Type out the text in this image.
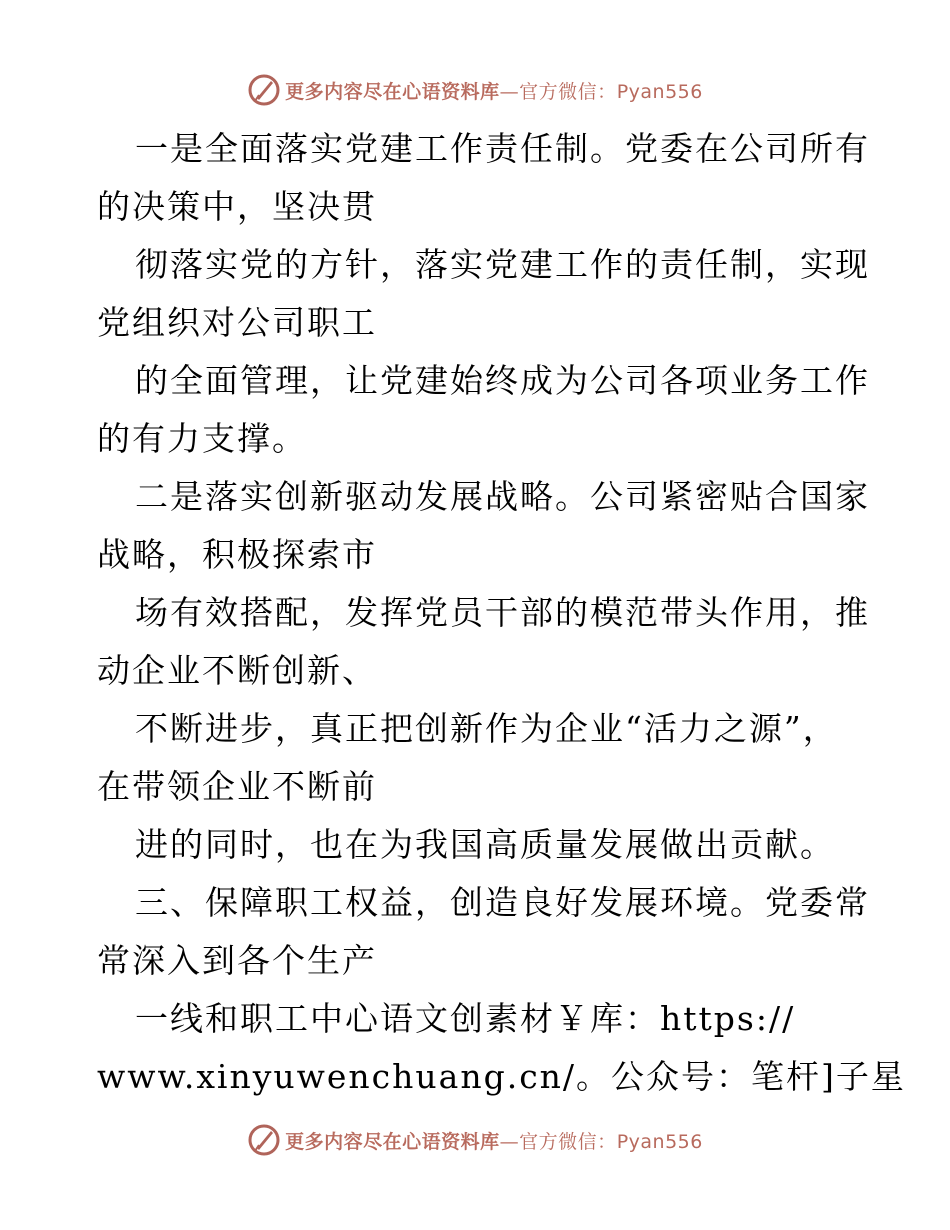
更多内容尽在心语资料库—官方微信：Pyan556
一是全面落实党建工作责任制。党委在公司所有
的决策中，坚决贯
彻落实党的方针，落实党建工作的责任制，实现
党组织对公司职工
的全面管理，让党建始终成为公司各项业务工作
的有力支撑。
二是落实创新驱动发展战略。公司紧密贴合国家
战略，积极探索市
场有效搭配，发挥党员干部的模范带头作用，推
动企业不断创新、
不断进步，真正把创新作为企业“活力之源”，
在带领企业不断前
进的同时，也在为我国高质量发展做出贡献。
三、保障职工权益，创造良好发展环境。党委常
常深入到各个生产
一线和职工中心语文创素材￥库：https://
www.xinyuwenchuang.cn/。公众号：笔杆]子星
更多内容尽在心语资料库—官方微信：Pyan556
